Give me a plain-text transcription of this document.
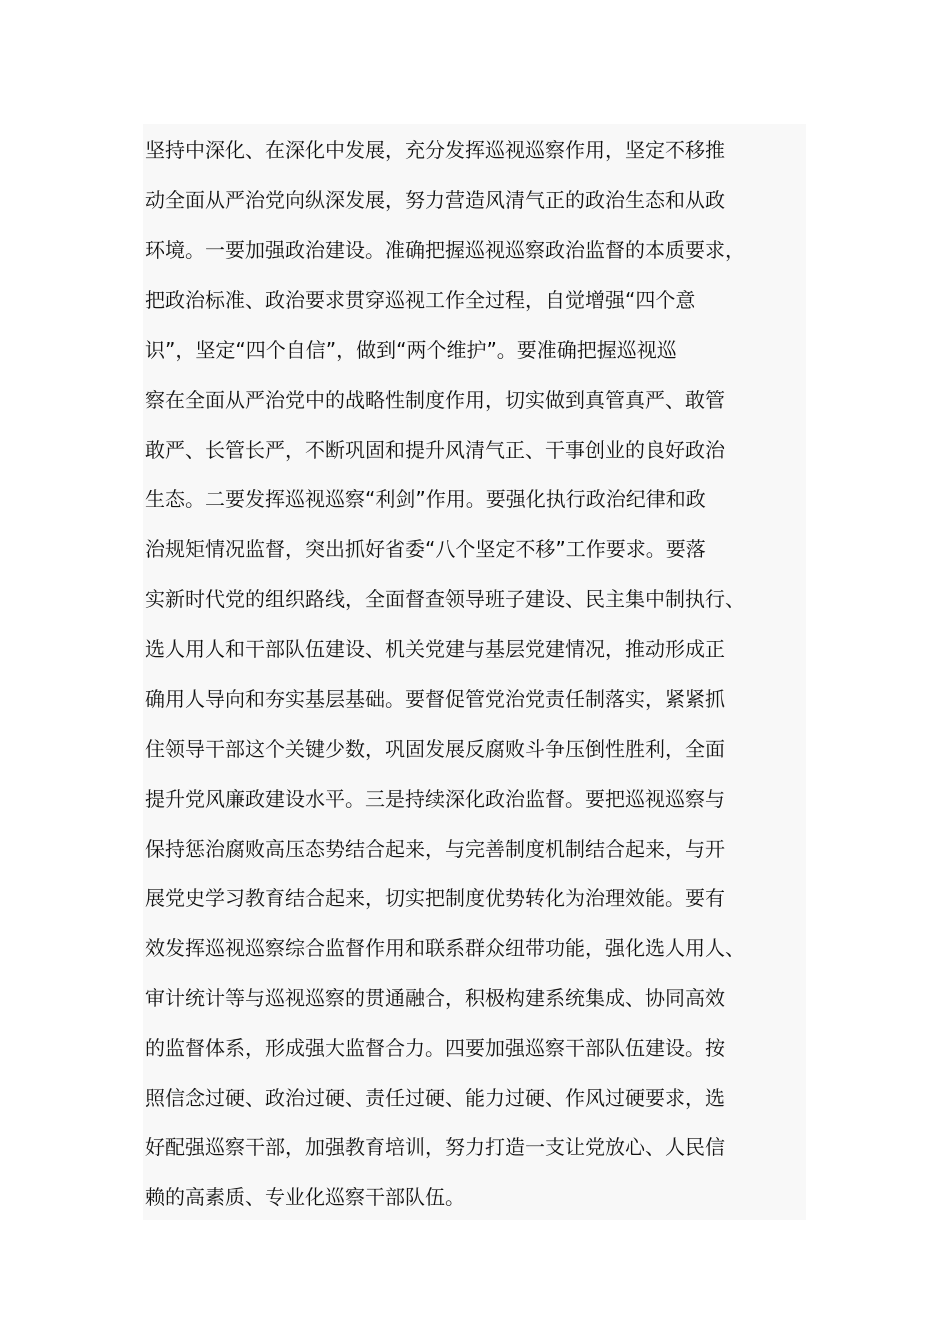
坚持中深化、在深化中发展，充分发挥巡视巡察作用，坚定不移推
动全面从严治党向纵深发展，努力营造风清气正的政治生态和从政
环境。一要加强政治建设。准确把握巡视巡察政治监督的本质要求，
把政治标准、政治要求贯穿巡视工作全过程，自觉增强“四个意
识”，坚定“四个自信”，做到“两个维护”。要准确把握巡视巡
察在全面从严治党中的战略性制度作用，切实做到真管真严、敢管
敢严、长管长严，不断巩固和提升风清气正、干事创业的良好政治
生态。二要发挥巡视巡察“利剑”作用。要强化执行政治纪律和政
治规矩情况监督，突出抓好省委“八个坚定不移”工作要求。要落
实新时代党的组织路线，全面督查领导班子建设、民主集中制执行、
选人用人和干部队伍建设、机关党建与基层党建情况，推动形成正
确用人导向和夯实基层基础。要督促管党治党责任制落实，紧紧抓
住领导干部这个关键少数，巩固发展反腐败斗争压倒性胜利，全面
提升党风廉政建设水平。三是持续深化政治监督。要把巡视巡察与
保持惩治腐败高压态势结合起来，与完善制度机制结合起来，与开
展党史学习教育结合起来，切实把制度优势转化为治理效能。要有
效发挥巡视巡察综合监督作用和联系群众纽带功能，强化选人用人、
审计统计等与巡视巡察的贯通融合，积极构建系统集成、协同高效
的监督体系，形成强大监督合力。四要加强巡察干部队伍建设。按
照信念过硬、政治过硬、责任过硬、能力过硬、作风过硬要求，选
好配强巡察干部，加强教育培训，努力打造一支让党放心、人民信
赖的高素质、专业化巡察干部队伍。
